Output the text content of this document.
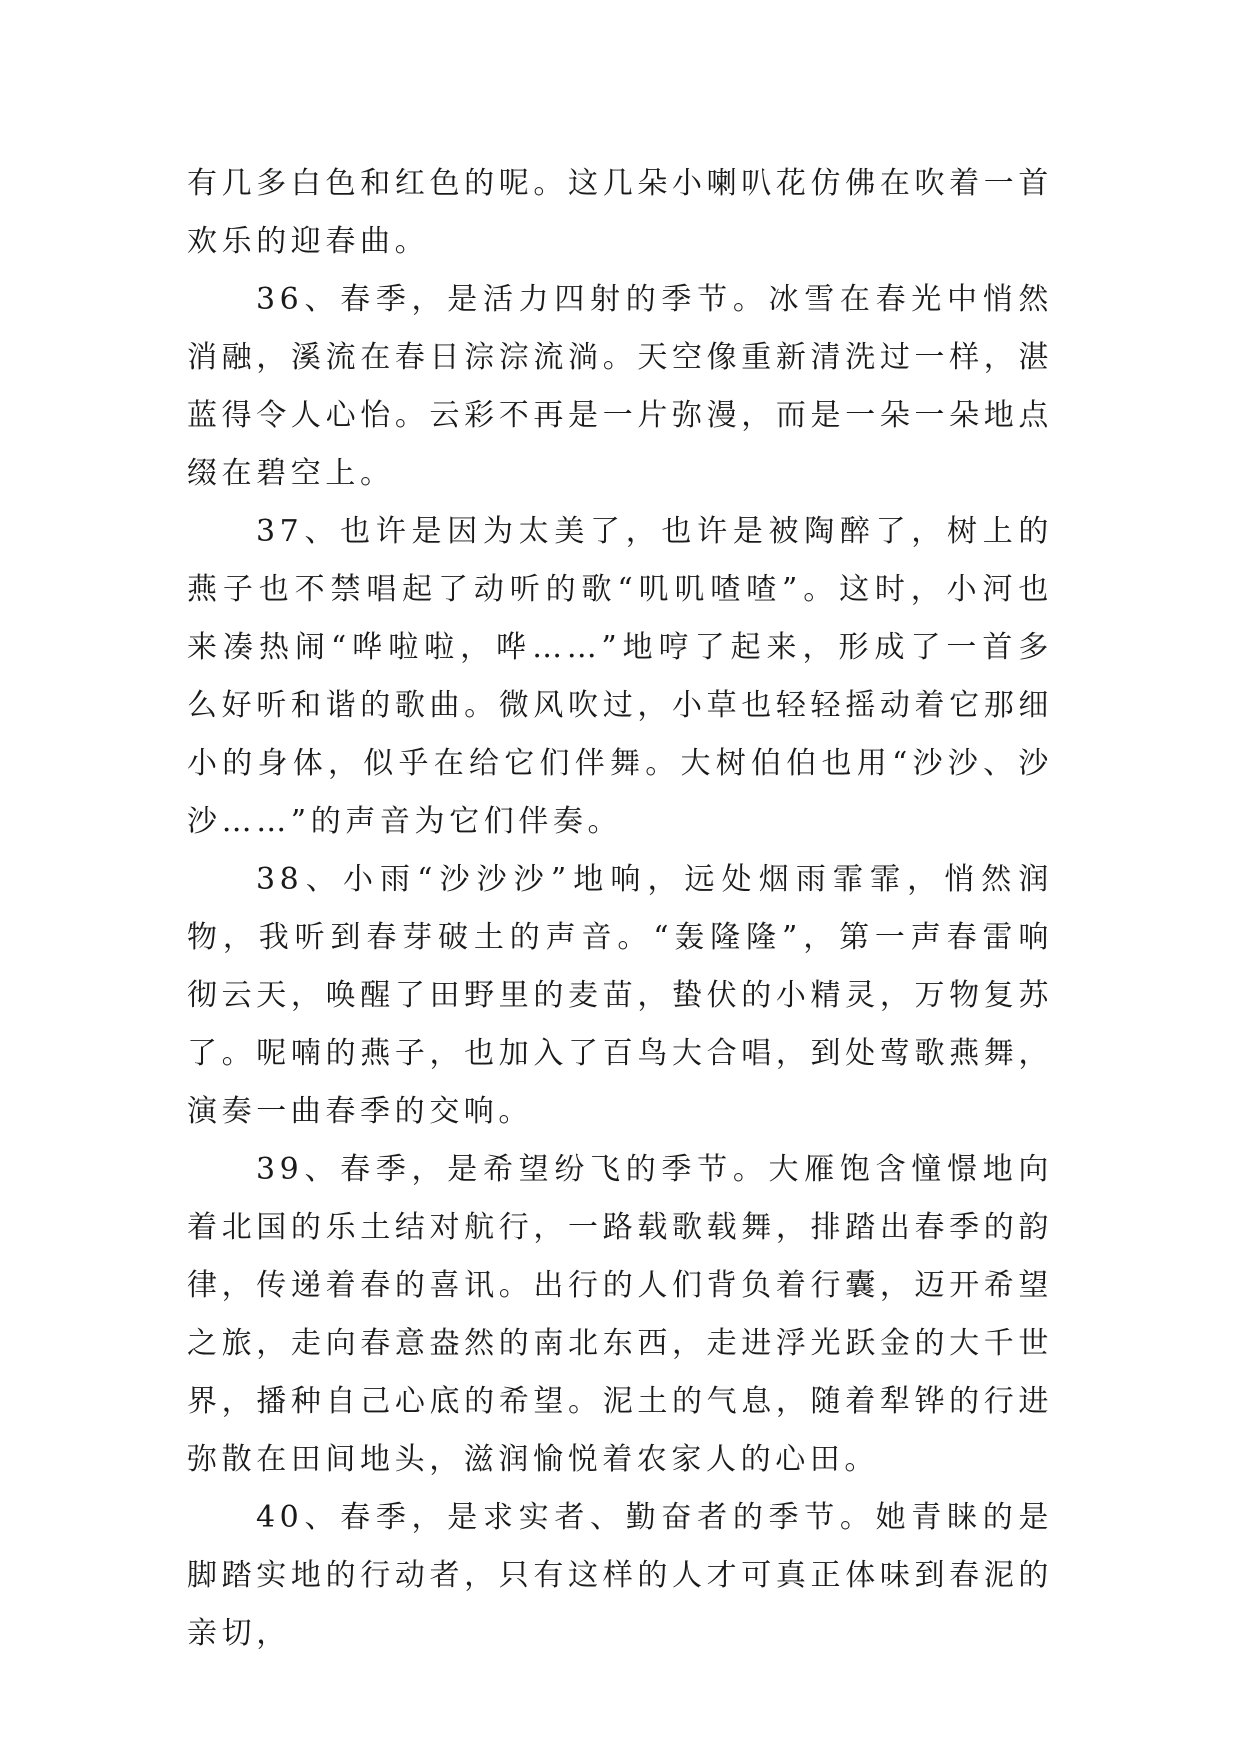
有几多白色和红色的呢。这几朵小喇叭花仿佛在吹着一首欢乐的迎春曲。

36、春季，是活力四射的季节。冰雪在春光中悄然消融，溪流在春日淙淙流淌。天空像重新清洗过一样，湛蓝得令人心怡。云彩不再是一片弥漫，而是一朵一朵地点缀在碧空上。

37、也许是因为太美了，也许是被陶醉了，树上的燕子也不禁唱起了动听的歌“叽叽喳喳”。这时，小河也来凑热闹“哗啦啦，哗……”地哼了起来，形成了一首多么好听和谐的歌曲。微风吹过，小草也轻轻摇动着它那细小的身体，似乎在给它们伴舞。大树伯伯也用“沙沙、沙沙……”的声音为它们伴奏。

38、小雨“沙沙沙”地响，远处烟雨霏霏，悄然润物，我听到春芽破土的声音。“轰隆隆”，第一声春雷响彻云天，唤醒了田野里的麦苗，蛰伏的小精灵，万物复苏了。呢喃的燕子，也加入了百鸟大合唱，到处莺歌燕舞，演奏一曲春季的交响。

39、春季，是希望纷飞的季节。大雁饱含憧憬地向着北国的乐土结对航行，一路载歌载舞，排踏出春季的韵律，传递着春的喜讯。出行的人们背负着行囊，迈开希望之旅，走向春意盎然的南北东西，走进浮光跃金的大千世界，播种自己心底的希望。泥土的气息，随着犁铧的行进弥散在田间地头，滋润愉悦着农家人的心田。

40、春季，是求实者、勤奋者的季节。她青睐的是脚踏实地的行动者，只有这样的人才可真正体味到春泥的亲切，
